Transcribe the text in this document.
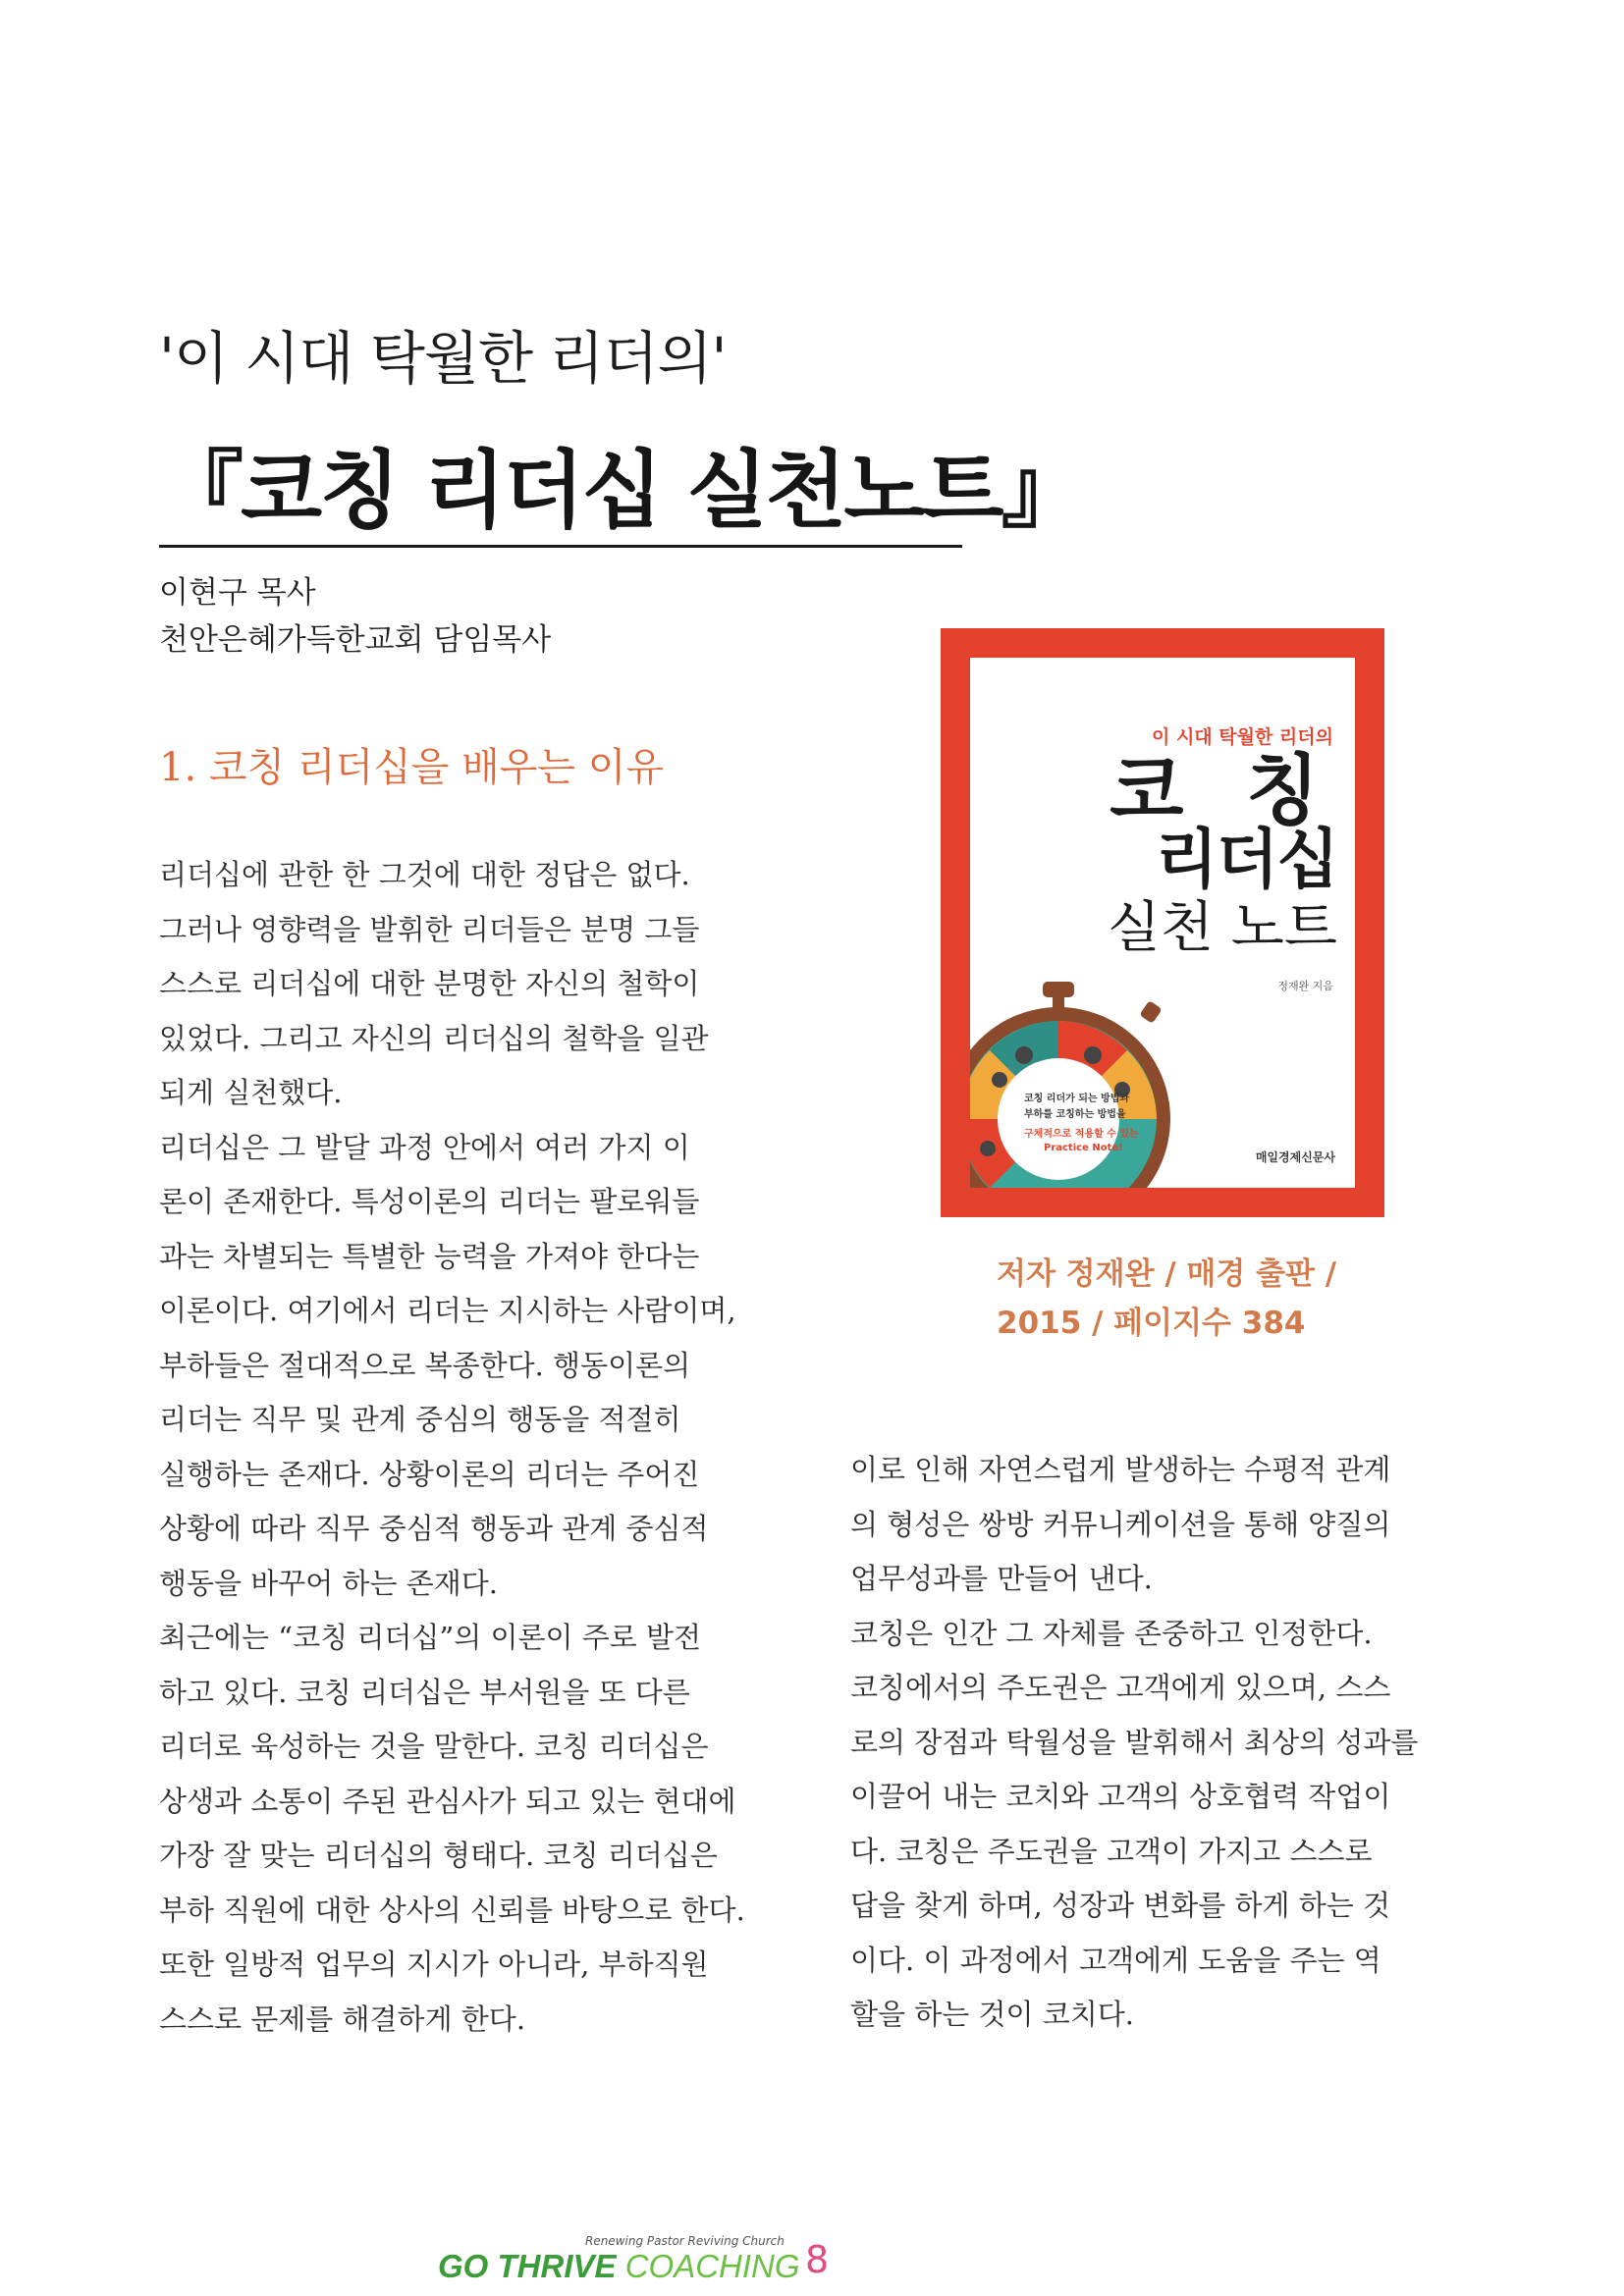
'이 시대 탁월한 리더의'
『코칭 리더십 실천노트』
이현구 목사
천안은혜가득한교회 담임목사
1. 코칭 리더십을 배우는 이유
리더십에 관한 한 그것에 대한 정답은 없다.
그러나 영향력을 발휘한 리더들은 분명 그들
스스로 리더십에 대한 분명한 자신의 철학이
있었다. 그리고 자신의 리더십의 철학을 일관
되게 실천했다.
리더십은 그 발달 과정 안에서 여러 가지 이
론이 존재한다. 특성이론의 리더는 팔로워들
과는 차별되는 특별한 능력을 가져야 한다는
이론이다. 여기에서 리더는 지시하는 사람이며,
부하들은 절대적으로 복종한다. 행동이론의
리더는 직무 및 관계 중심의 행동을 적절히
실행하는 존재다. 상황이론의 리더는 주어진
상황에 따라 직무 중심적 행동과 관계 중심적
행동을 바꾸어 하는 존재다.
최근에는 “코칭 리더십”의 이론이 주로 발전
하고 있다. 코칭 리더십은 부서원을 또 다른
리더로 육성하는 것을 말한다. 코칭 리더십은
상생과 소통이 주된 관심사가 되고 있는 현대에
가장 잘 맞는 리더십의 형태다. 코칭 리더십은
부하 직원에 대한 상사의 신뢰를 바탕으로 한다.
또한 일방적 업무의 지시가 아니라, 부하직원
스스로 문제를 해결하게 한다.
이 시대 탁월한 리더의
코 칭
리더십
실천 노트
정재완 지음
코칭 리더가 되는 방법과
부하를 코칭하는 방법을
구체적으로 적용할 수 있는
Practice Note!
매일경제신문사
저자 정재완 / 매경 출판 /
2015 / 페이지수 384
이로 인해 자연스럽게 발생하는 수평적 관계
의 형성은 쌍방 커뮤니케이션을 통해 양질의
업무성과를 만들어 낸다.
코칭은 인간 그 자체를 존중하고 인정한다.
코칭에서의 주도권은 고객에게 있으며, 스스
로의 장점과 탁월성을 발휘해서 최상의 성과를
이끌어 내는 코치와 고객의 상호협력 작업이
다. 코칭은 주도권을 고객이 가지고 스스로
답을 찾게 하며, 성장과 변화를 하게 하는 것
이다. 이 과정에서 고객에게 도움을 주는 역
할을 하는 것이 코치다.
Renewing Pastor Reviving Church
GO THRIVE COACHING 8
